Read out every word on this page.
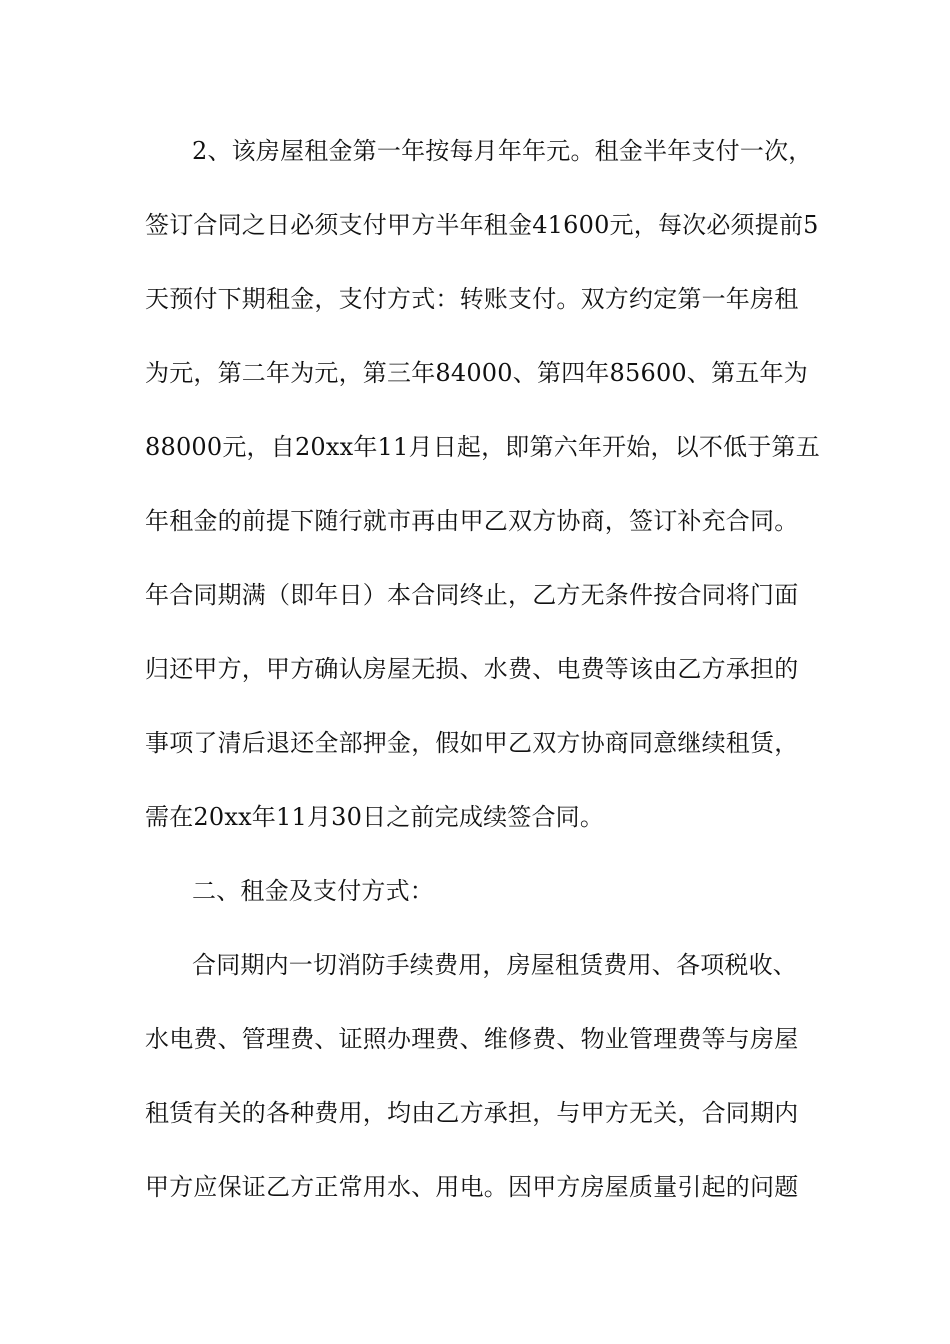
2、该房屋租金第一年按每月年年元。租金半年支付一次，
签订合同之日必须支付甲方半年租金41600元，每次必须提前5
天预付下期租金，支付方式：转账支付。双方约定第一年房租
为元，第二年为元，第三年84000、第四年85600、第五年为
88000元，自20xx年11月日起，即第六年开始，以不低于第五
年租金的前提下随行就市再由甲乙双方协商，签订补充合同。
年合同期满（即年日）本合同终止，乙方无条件按合同将门面
归还甲方，甲方确认房屋无损、水费、电费等该由乙方承担的
事项了清后退还全部押金，假如甲乙双方协商同意继续租赁，
需在20xx年11月30日之前完成续签合同。
二、租金及支付方式：
合同期内一切消防手续费用，房屋租赁费用、各项税收、
水电费、管理费、证照办理费、维修费、物业管理费等与房屋
租赁有关的各种费用，均由乙方承担，与甲方无关，合同期内
甲方应保证乙方正常用水、用电。因甲方房屋质量引起的问题
